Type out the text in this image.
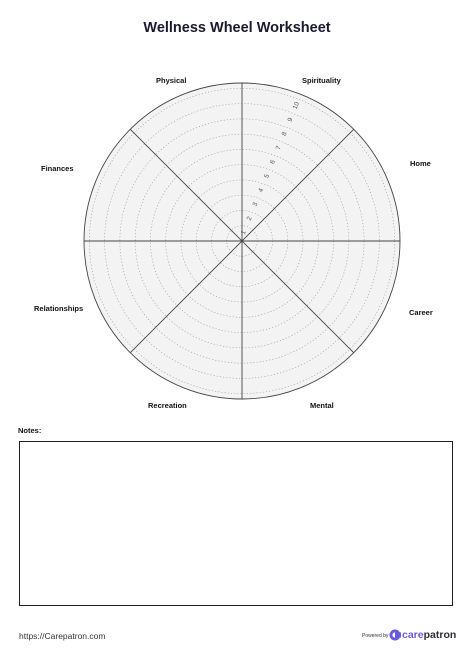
Wellness Wheel Worksheet
1
2
3
4
5
6
7
8
9
10
Physical	Spirituality
Home
Career
Mental
Recreation
Relationships
Finances
Notes:
https://Carepatron.com	Powered by carepatron
